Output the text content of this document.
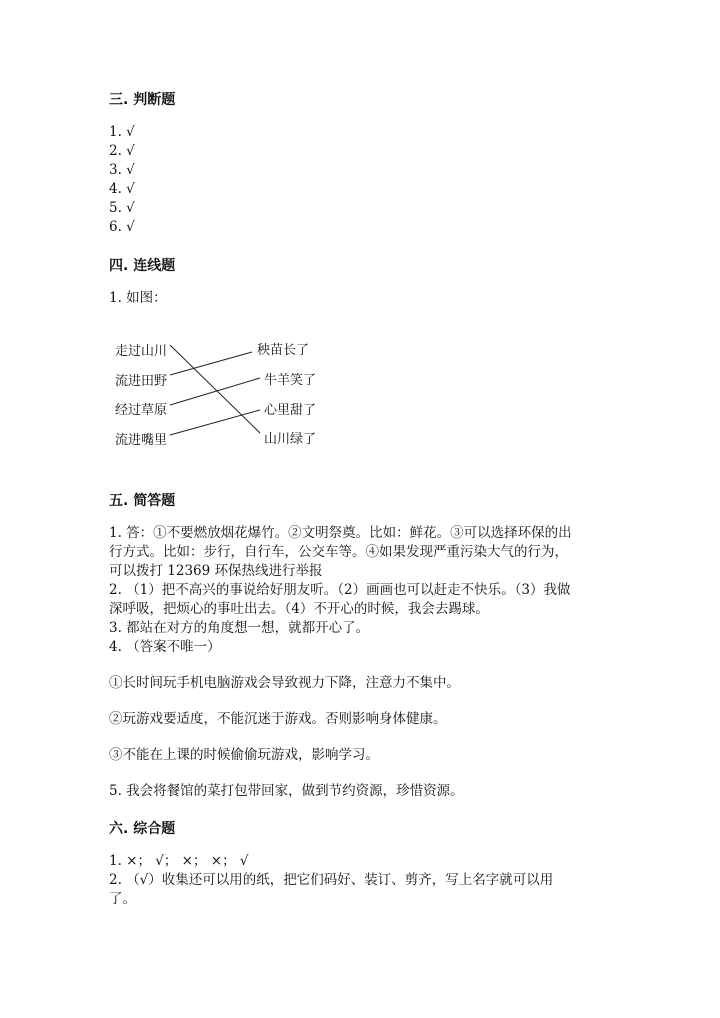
三. 判断题
1. √
2. √
3. √
4. √
5. √
6. √
四. 连线题
1. 如图：
走过山川
流进田野
经过草原
流进嘴里
秧苗长了
牛羊笑了
心里甜了
山川绿了
五. 简答题
1. 答：①不要燃放烟花爆竹。②文明祭奠。比如：鲜花。③可以选择环保的出
行方式。比如：步行，自行车，公交车等。④如果发现严重污染大气的行为，
可以拨打 12369 环保热线进行举报
2. （1）把不高兴的事说给好朋友听。（2）画画也可以赶走不快乐。（3）我做
深呼吸，把烦心的事吐出去。（4）不开心的时候，我会去踢球。
3. 都站在对方的角度想一想，就都开心了。
4. （答案不唯一）
①长时间玩手机电脑游戏会导致视力下降，注意力不集中。
②玩游戏要适度，不能沉迷于游戏。否则影响身体健康。
③不能在上课的时候偷偷玩游戏，影响学习。
5. 我会将餐馆的菜打包带回家，做到节约资源，珍惜资源。
六. 综合题
1. ×； √； ×； ×； √
2. （√）收集还可以用的纸，把它们码好、装订、剪齐，写上名字就可以用
了。
